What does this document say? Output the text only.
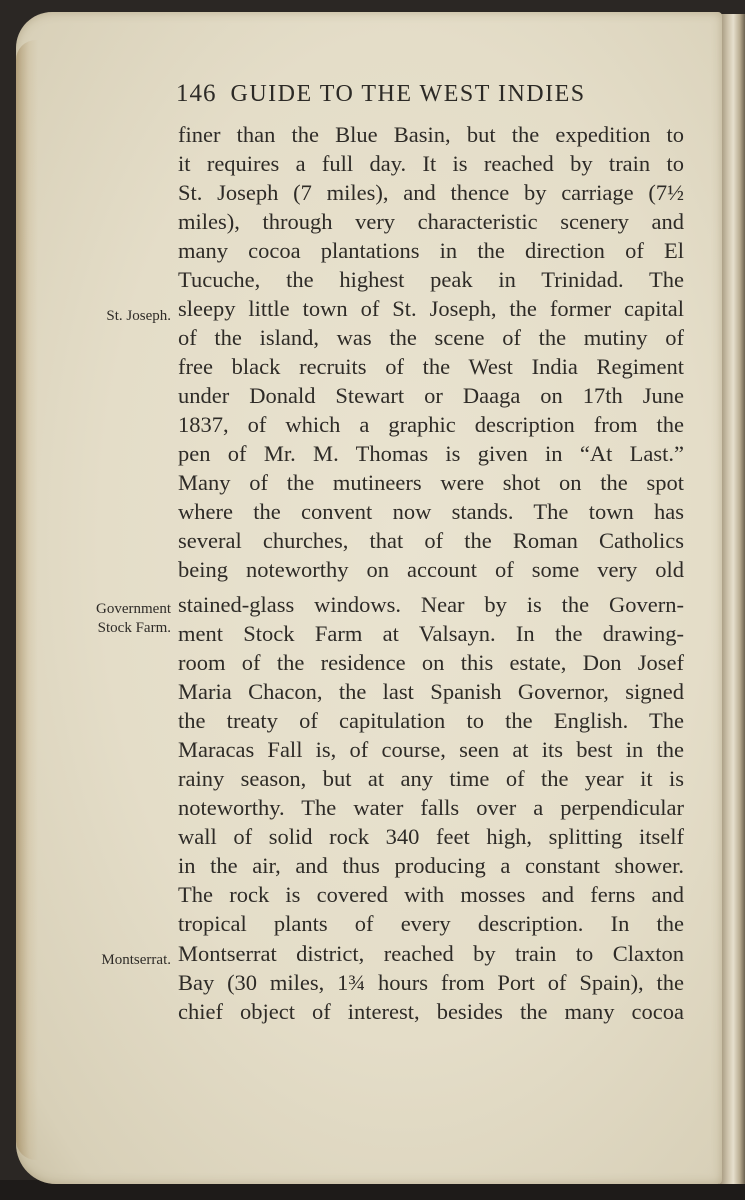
146 GUIDE TO THE WEST INDIES
St. Joseph.
Government
Stock Farm.
Montserrat.
finer than the Blue Basin, but the expedition to
it requires a full day. It is reached by train to
St. Joseph (7 miles), and thence by carriage (7½
miles), through very characteristic scenery and
many cocoa plantations in the direction of El
Tucuche, the highest peak in Trinidad. The
sleepy little town of St. Joseph, the former capital
of the island, was the scene of the mutiny of
free black recruits of the West India Regiment
under Donald Stewart or Daaga on 17th June
1837, of which a graphic description from the
pen of Mr. M. Thomas is given in “At Last.”
Many of the mutineers were shot on the spot
where the convent now stands. The town has
several churches, that of the Roman Catholics
being noteworthy on account of some very old
stained-glass windows. Near by is the Govern-
ment Stock Farm at Valsayn. In the drawing-
room of the residence on this estate, Don Josef
Maria Chacon, the last Spanish Governor, signed
the treaty of capitulation to the English. The
Maracas Fall is, of course, seen at its best in the
rainy season, but at any time of the year it is
noteworthy. The water falls over a perpendicular
wall of solid rock 340 feet high, splitting itself
in the air, and thus producing a constant shower.
The rock is covered with mosses and ferns and
tropical plants of every description. In the
Montserrat district, reached by train to Claxton
Bay (30 miles, 1¾ hours from Port of Spain), the
chief object of interest, besides the many cocoa
